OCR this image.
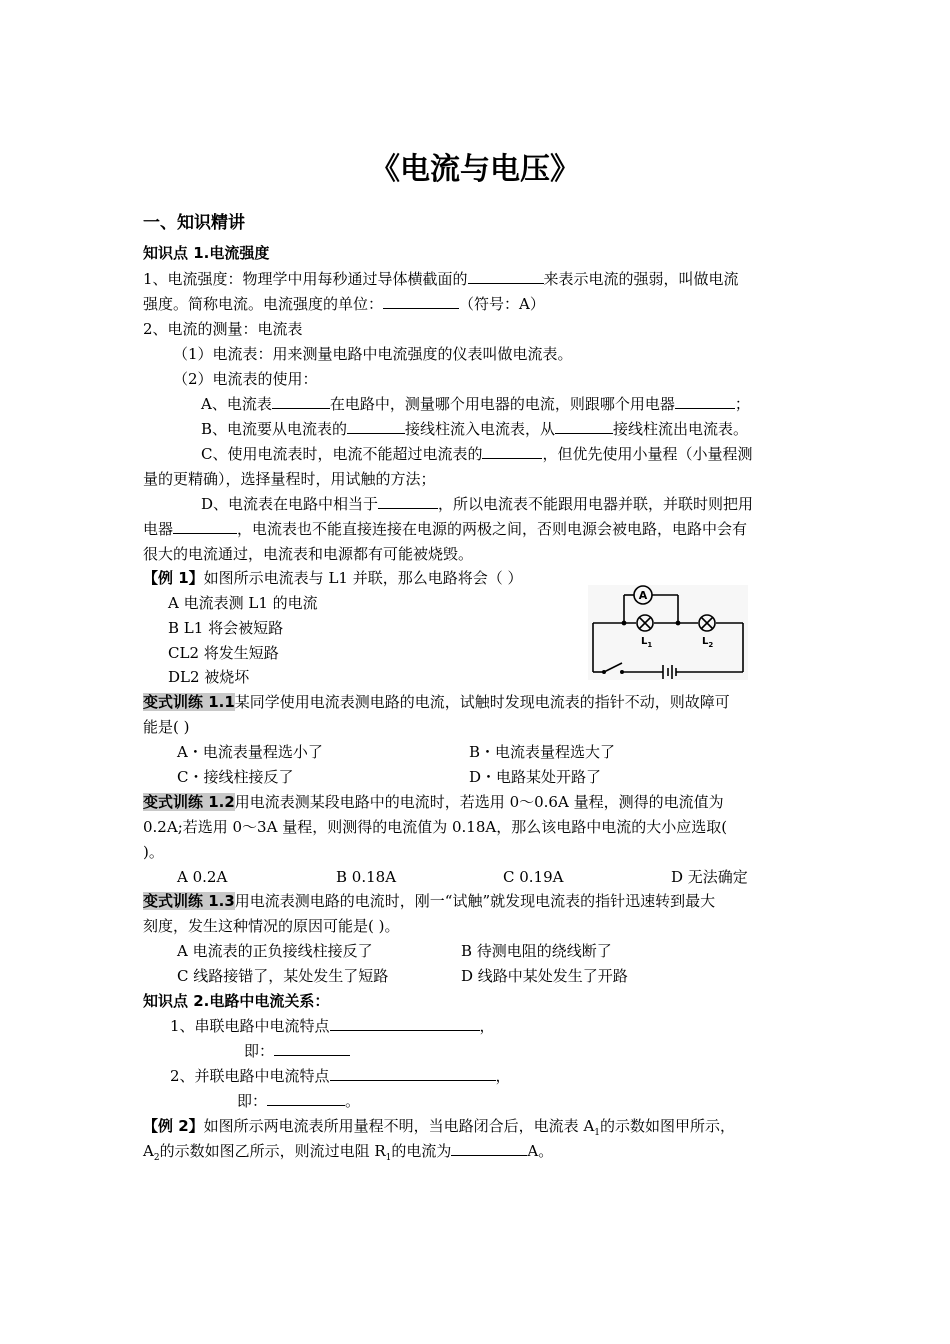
《电流与电压》
一、知识精讲
知识点 1.电流强度
1、电流强度：物理学中用每秒通过导体横截面的	来表示电流的强弱，叫做电流
强度。简称电流。电流强度的单位：	（符号：A）
2、电流的测量：电流表
（1）电流表：用来测量电路中电流强度的仪表叫做电流表。
（2）电流表的使用：
A、电流表	在电路中，测量哪个用电器的电流，则跟哪个用电器	；
B、电流要从电流表的	接线柱流入电流表，从	接线柱流出电流表。
C、使用电流表时，电流不能超过电流表的	，但优先使用小量程（小量程测
量的更精确），选择量程时，用试触的方法；
D、电流表在电路中相当于	，所以电流表不能跟用电器并联，并联时则把用
电器	，电流表也不能直接连接在电源的两极之间，否则电源会被电路，电路中会有
很大的电流通过，电流表和电源都有可能被烧毁。
【例 1】如图所示电流表与 L1 并联，那么电路将会（ ）
A 电流表测 L1 的电流
B L1 将会被短路
CL2 将发生短路
DL2 被烧坏
A
$L_1$	$L_2$
变式训练 1.1某同学使用电流表测电路的电流，试触时发现电流表的指针不动，则故障可
能是( )
A・电流表量程选小了	B・电流表量程选大了
C・接线柱接反了	D・电路某处开路了
变式训练 1.2用电流表测某段电路中的电流时，若选用 0～0.6A 量程，测得的电流值为
0.2A;若选用 0～3A 量程，则测得的电流值为 0.18A，那么该电路中电流的大小应选取(
)。
A 0.2A	B 0.18A	C 0.19A	D 无法确定
变式训练 1.3用电流表测电路的电流时，刚一“试触”就发现电流表的指针迅速转到最大
刻度，发生这种情况的原因可能是( )。
A 电流表的正负接线柱接反了	B 待测电阻的绕线断了
C 线路接错了，某处发生了短路	D 线路中某处发生了开路
知识点 2.电路中电流关系：
1、串联电路中电流特点	，
即：
2、并联电路中电流特点	，
即：	。
【例 2】如图所示两电流表所用量程不明，当电路闭合后，电流表 $A_1$的示数如图甲所示，
$A_2$的示数如图乙所示，则流过电阻 $R_1$的电流为	A。
